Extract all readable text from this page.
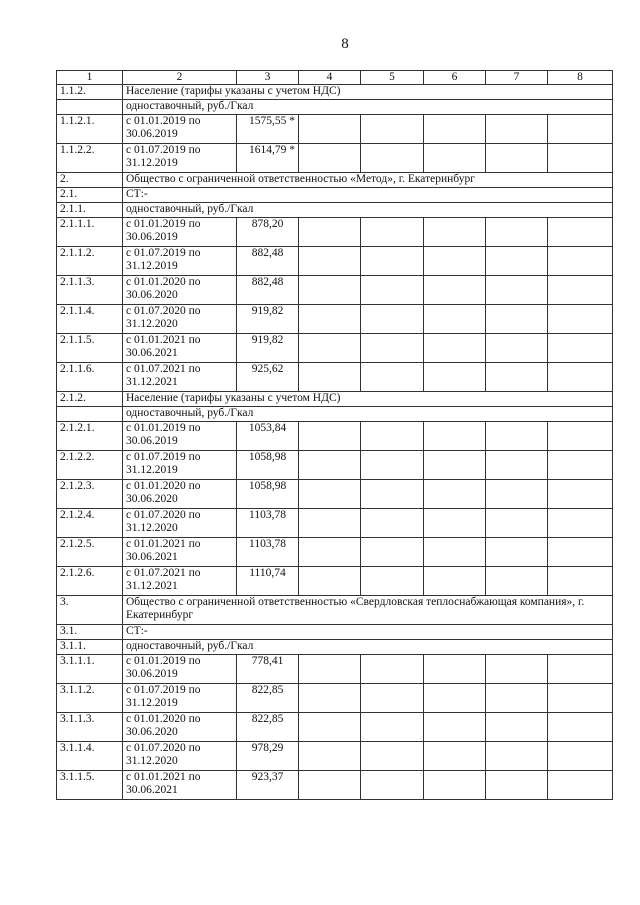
8
1	2	3	4	5	6	7	8
1.1.2.	Население (тарифы указаны с учетом НДС)						
	одноставочный, руб./Гкал						
1.1.2.1.	с 01.01.2019 по 30.06.2019	1575,55 *					
1.1.2.2.	с 01.07.2019 по 31.12.2019	1614,79 *					
2.	Общество с ограниченной ответственностью «Метод», г. Екатеринбург						
2.1.	СТ:-						
2.1.1.	одноставочный, руб./Гкал						
2.1.1.1.	с 01.01.2019 по 30.06.2019	878,20					
2.1.1.2.	с 01.07.2019 по 31.12.2019	882,48					
2.1.1.3.	с 01.01.2020 по 30.06.2020	882,48					
2.1.1.4.	с 01.07.2020 по 31.12.2020	919,82					
2.1.1.5.	с 01.01.2021 по 30.06.2021	919,82					
2.1.1.6.	с 01.07.2021 по 31.12.2021	925,62					
2.1.2.	Население (тарифы указаны с учетом НДС)						
	одноставочный, руб./Гкал						
2.1.2.1.	с 01.01.2019 по 30.06.2019	1053,84					
2.1.2.2.	с 01.07.2019 по 31.12.2019	1058,98					
2.1.2.3.	с 01.01.2020 по 30.06.2020	1058,98					
2.1.2.4.	с 01.07.2020 по 31.12.2020	1103,78					
2.1.2.5.	с 01.01.2021 по 30.06.2021	1103,78					
2.1.2.6.	с 01.07.2021 по 31.12.2021	1110,74					
3.	Общество с ограниченной ответственностью «Свердловская теплоснабжающая компания», г. Екатеринбург						
3.1.	СТ:-						
3.1.1.	одноставочный, руб./Гкал						
3.1.1.1.	с 01.01.2019 по 30.06.2019	778,41					
3.1.1.2.	с 01.07.2019 по 31.12.2019	822,85					
3.1.1.3.	с 01.01.2020 по 30.06.2020	822,85					
3.1.1.4.	с 01.07.2020 по 31.12.2020	978,29					
3.1.1.5.	с 01.01.2021 по 30.06.2021	923,37					
